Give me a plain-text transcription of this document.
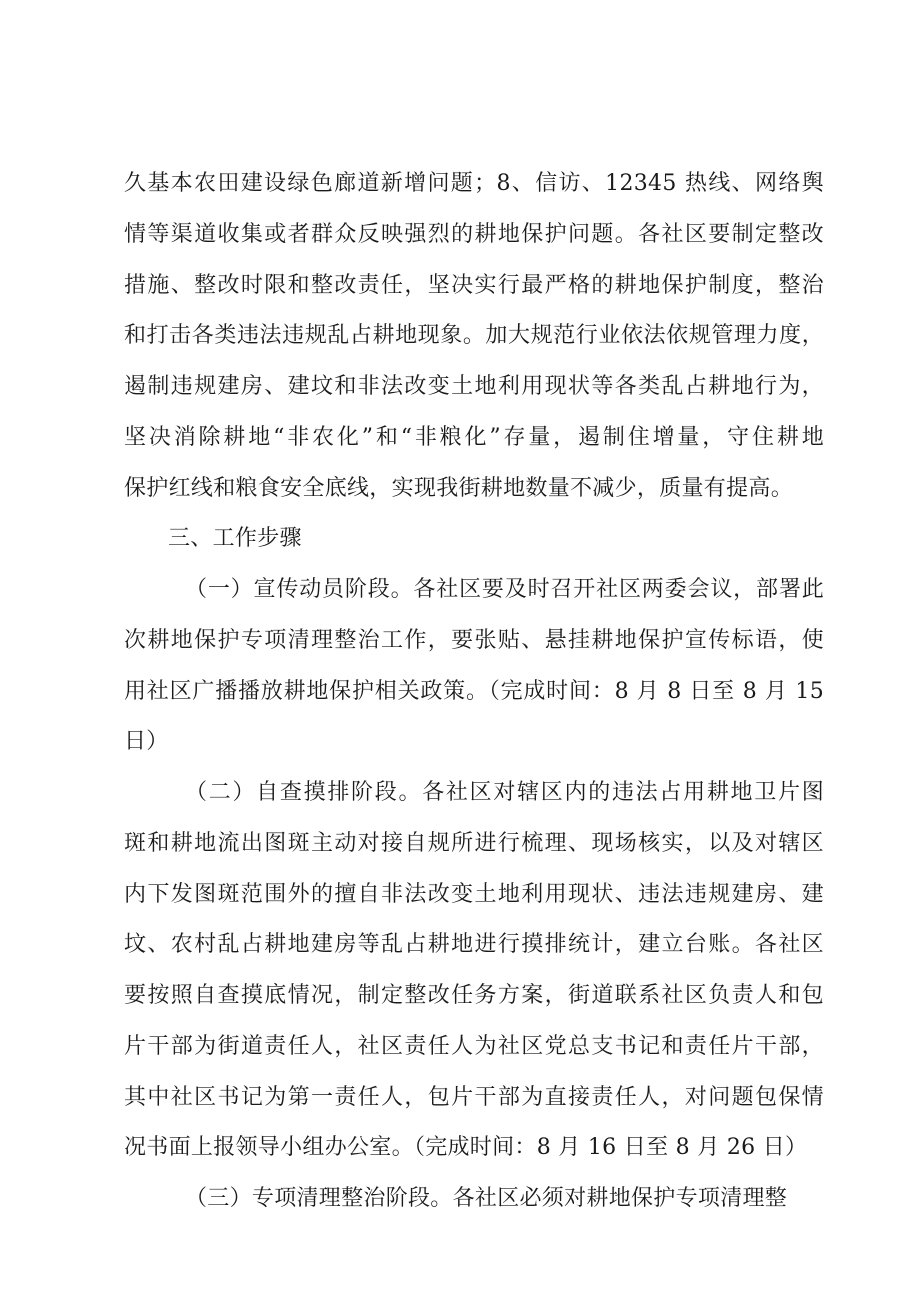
久基本农田建设绿色廊道新增问题；8、信访、12345 热线、网络舆
情等渠道收集或者群众反映强烈的耕地保护问题。各社区要制定整改
措施、整改时限和整改责任，坚决实行最严格的耕地保护制度，整治
和打击各类违法违规乱占耕地现象。加大规范行业依法依规管理力度，
遏制违规建房、建坟和非法改变土地利用现状等各类乱占耕地行为，
坚决消除耕地“非农化”和“非粮化”存量，遏制住增量，守住耕地
保护红线和粮食安全底线，实现我街耕地数量不减少，质量有提高。
三、工作步骤
（一）宣传动员阶段。各社区要及时召开社区两委会议，部署此
次耕地保护专项清理整治工作，要张贴、悬挂耕地保护宣传标语，使
用社区广播播放耕地保护相关政策。（完成时间：8 月 8 日至 8 月 15
日）
（二）自查摸排阶段。各社区对辖区内的违法占用耕地卫片图
斑和耕地流出图斑主动对接自规所进行梳理、现场核实，以及对辖区
内下发图斑范围外的擅自非法改变土地利用现状、违法违规建房、建
坟、农村乱占耕地建房等乱占耕地进行摸排统计，建立台账。各社区
要按照自查摸底情况，制定整改任务方案，街道联系社区负责人和包
片干部为街道责任人，社区责任人为社区党总支书记和责任片干部，
其中社区书记为第一责任人，包片干部为直接责任人，对问题包保情
况书面上报领导小组办公室。（完成时间：8 月 16 日至 8 月 26 日）
（三）专项清理整治阶段。各社区必须对耕地保护专项清理整
